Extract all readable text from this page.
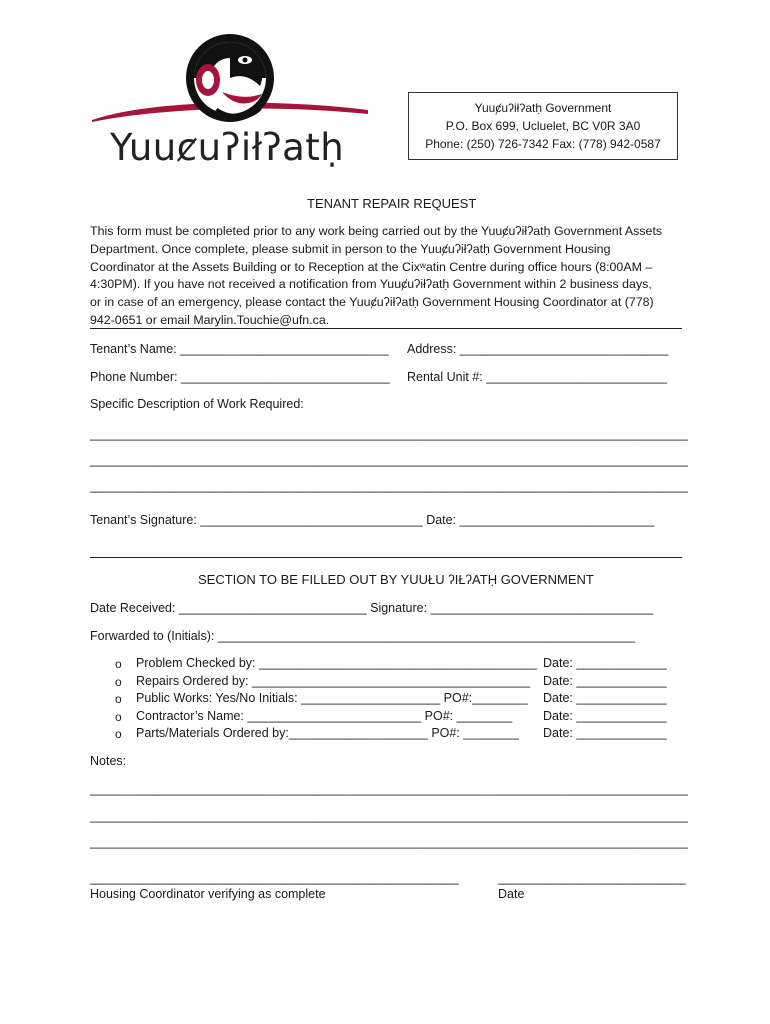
Yuuȼuʔiłʔatḥ
Yuuȼuʔiłʔatḥ Government
P.O. Box 699, Ucluelet, BC V0R 3A0
Phone: (250) 726-7342 Fax: (778) 942-0587
TENANT REPAIR REQUEST

This form must be completed prior to any work being carried out by the Yuuȼuʔiłʔatḥ Government Assets

Department. Once complete, please submit in person to the Yuuȼuʔiłʔatḥ Government Housing

Coordinator at the Assets Building or to Reception at the Cixʷatin Centre during office hours (8:00AM –

4:30PM). If you have not received a notification from Yuuȼuʔiłʔatḥ Government within 2 business days,

or in case of an emergency, please contact the Yuuȼuʔiłʔatḥ Government Housing Coordinator at (778)

942-0651 or email Marylin.Touchie@ufn.ca.

Tenant’s Name: ______________________________ Address: ______________________________
Phone Number: ______________________________ Rental Unit #: __________________________
Specific Description of Work Required:
______________________________________________________________________________________
______________________________________________________________________________________
______________________________________________________________________________________
Tenant’s Signature: ________________________________ Date: ____________________________
SECTION TO BE FILLED OUT BY YUUŁU ʔIŁʔATḤ GOVERNMENT
Date Received: ___________________________ Signature: ________________________________
Forwarded to (Initials): ____________________________________________________________
o Problem Checked by: ________________________________________ Date: _____________
o Repairs Ordered by: ________________________________________ Date: _____________
o Public Works: Yes/No Initials: ____________________ PO#:________ Date: _____________
o Contractor’s Name: _________________________ PO#: ________ Date: _____________
o Parts/Materials Ordered by:____________________ PO#: ________ Date: _____________
Notes:
______________________________________________________________________________________
______________________________________________________________________________________
______________________________________________________________________________________
_____________________________________________________
Housing Coordinator verifying as complete
___________________________
Date
